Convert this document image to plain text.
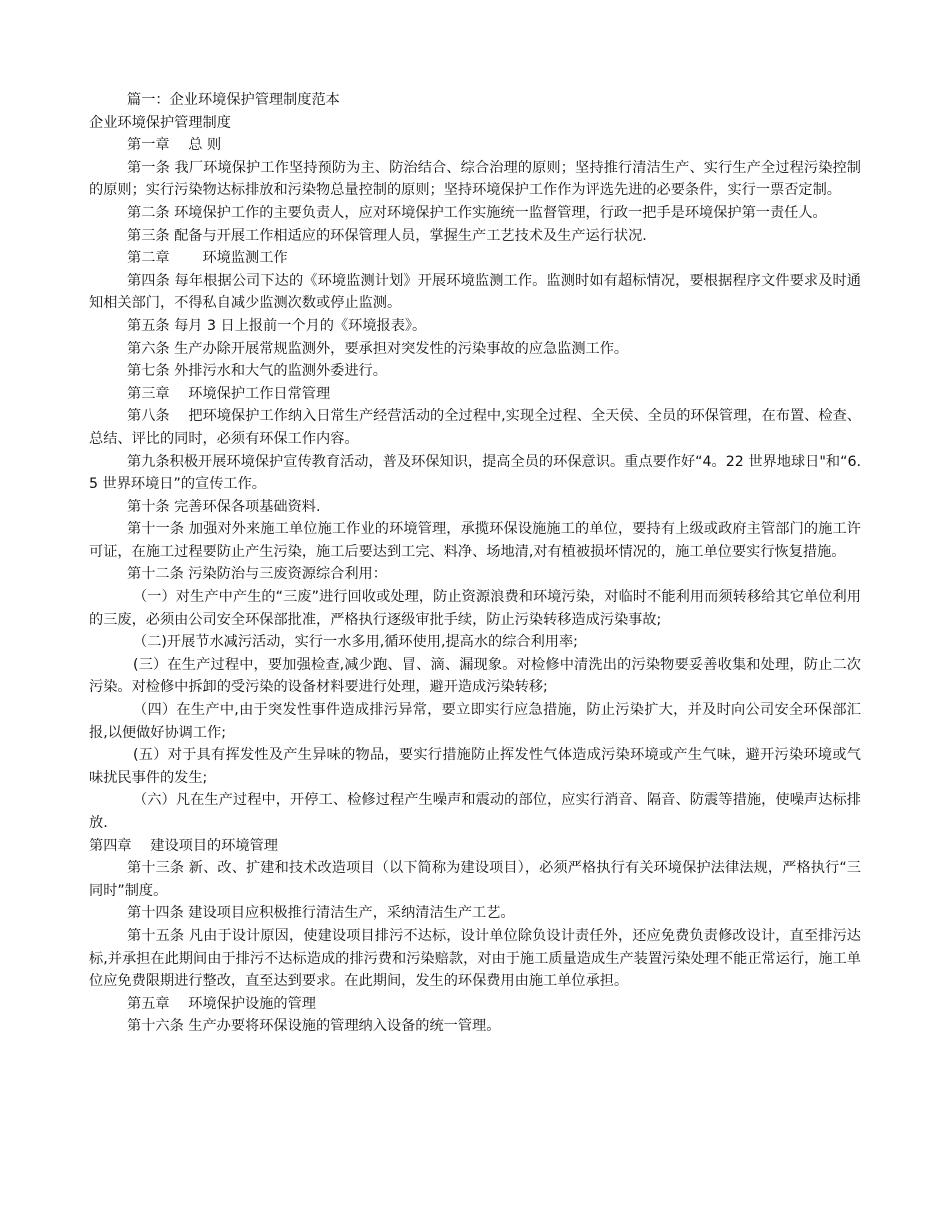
篇一：企业环境保护管理制度范本

企业环境保护管理制度

第一章　 总 则

第一条 我厂环境保护工作坚持预防为主、防治结合、综合治理的原则；坚持推行清洁生产、实行生产全过程污染控制的原则；实行污染物达标排放和污染物总量控制的原则；坚持环境保护工作作为评选先进的必要条件，实行一票否定制。

第二条 环境保护工作的主要负责人，应对环境保护工作实施统一监督管理，行政一把手是环境保护第一责任人。

第三条 配备与开展工作相适应的环保管理人员，掌握生产工艺技术及生产运行状况.

第二章　　 环境监测工作

第四条 每年根据公司下达的《环境监测计划》开展环境监测工作。监测时如有超标情况，要根据程序文件要求及时通知相关部门，不得私自减少监测次数或停止监测。

第五条 每月 3 日上报前一个月的《环境报表》。

第六条 生产办除开展常规监测外，要承担对突发性的污染事故的应急监测工作。

第七条 外排污水和大气的监测外委进行。

第三章　 环境保护工作日常管理

第八条　 把环境保护工作纳入日常生产经营活动的全过程中,实现全过程、全天侯、全员的环保管理，在布置、检查、总结、评比的同时，必须有环保工作内容。

第九条积极开展环境保护宣传教育活动，普及环保知识，提高全员的环保意识。重点要作好“4。22 世界地球日"和“6.5 世界环境日”的宣传工作。

第十条 完善环保各项基础资料.

第十一条 加强对外来施工单位施工作业的环境管理，承揽环保设施施工的单位，要持有上级或政府主管部门的施工许可证，在施工过程要防止产生污染，施工后要达到工完、料净、场地清,对有植被损坏情况的，施工单位要实行恢复措施。

第十二条 污染防治与三废资源综合利用：

（一）对生产中产生的“三废”进行回收或处理，防止资源浪费和环境污染，对临时不能利用而须转移给其它单位利用的三废，必须由公司安全环保部批准，严格执行逐级审批手续，防止污染转移造成污染事故;

（二)开展节水减污活动，实行一水多用,循环使用,提高水的综合利用率;

(三）在生产过程中，要加强检查,减少跑、冒、滴、漏现象。对检修中清洗出的污染物要妥善收集和处理，防止二次污染。对检修中拆卸的受污染的设备材料要进行处理，避开造成污染转移;

（四）在生产中,由于突发性事件造成排污异常，要立即实行应急措施，防止污染扩大，并及时向公司安全环保部汇报,以便做好协调工作;

(五）对于具有挥发性及产生异味的物品，要实行措施防止挥发性气体造成污染环境或产生气味，避开污染环境或气味扰民事件的发生;

（六）凡在生产过程中，开停工、检修过程产生噪声和震动的部位，应实行消音、隔音、防震等措施，使噪声达标排放.

第四章　 建设项目的环境管理

第十三条 新、改、扩建和技术改造项目（以下简称为建设项目），必须严格执行有关环境保护法律法规，严格执行“三同时”制度。

第十四条 建设项目应积极推行清洁生产，采纳清洁生产工艺。

第十五条 凡由于设计原因，使建设项目排污不达标，设计单位除负设计责任外，还应免费负责修改设计，直至排污达标,并承担在此期间由于排污不达标造成的排污费和污染赔款，对由于施工质量造成生产装置污染处理不能正常运行，施工单位应免费限期进行整改，直至达到要求。在此期间，发生的环保费用由施工单位承担。

第五章　 环境保护设施的管理

第十六条 生产办要将环保设施的管理纳入设备的统一管理。
